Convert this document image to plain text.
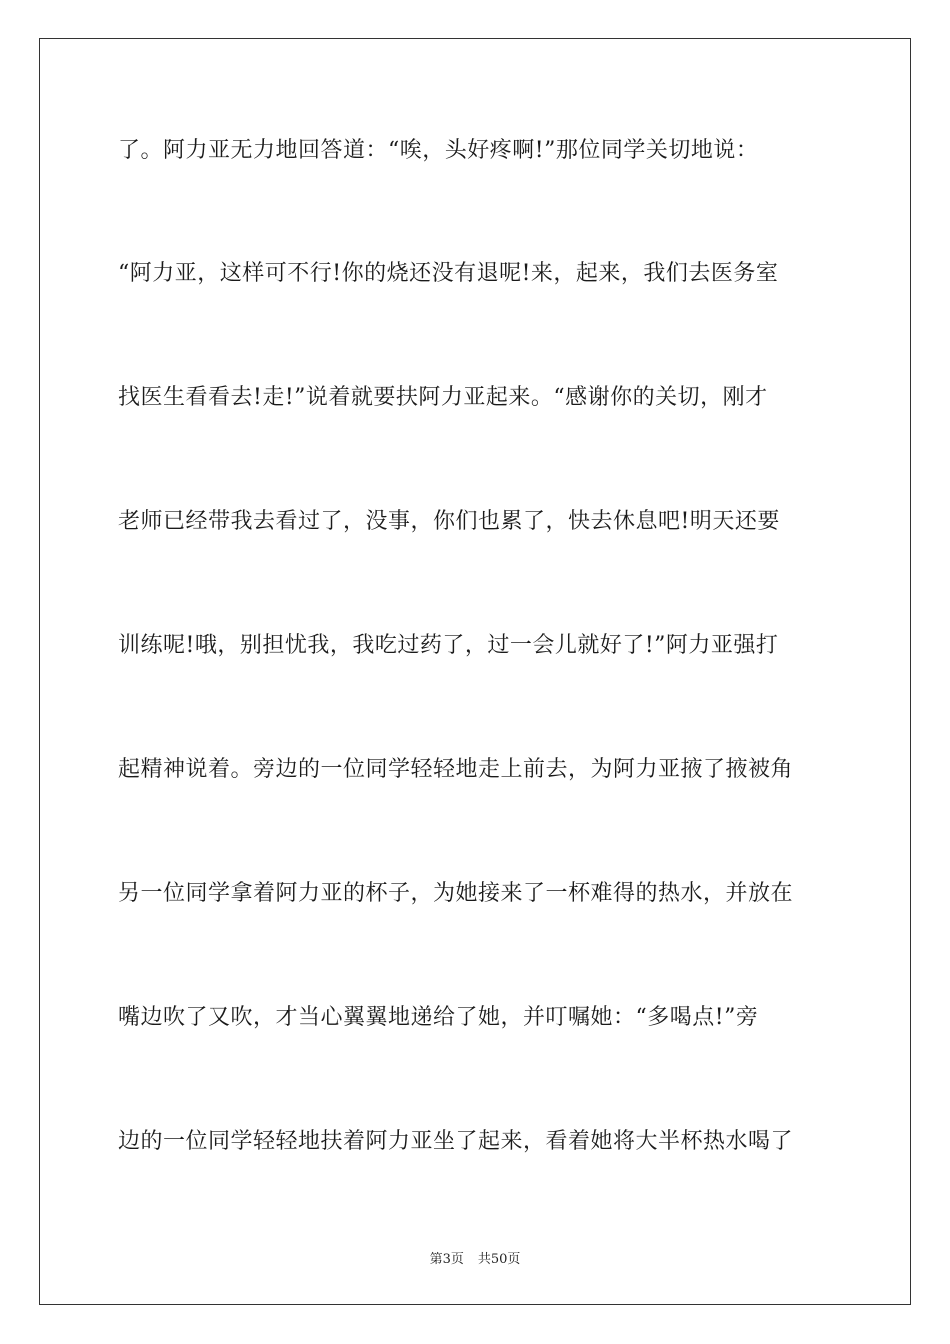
了。阿力亚无力地回答道：“唉，头好疼啊!”那位同学关切地说：

“阿力亚，这样可不行!你的烧还没有退呢!来，起来，我们去医务室

找医生看看去!走!”说着就要扶阿力亚起来。“感谢你的关切，刚才

老师已经带我去看过了，没事，你们也累了，快去休息吧!明天还要

训练呢!哦，别担忧我，我吃过药了，过一会儿就好了!”阿力亚强打

起精神说着。旁边的一位同学轻轻地走上前去，为阿力亚掖了掖被角

另一位同学拿着阿力亚的杯子，为她接来了一杯难得的热水，并放在

嘴边吹了又吹，才当心翼翼地递给了她，并叮嘱她：“多喝点!”旁

边的一位同学轻轻地扶着阿力亚坐了起来，看着她将大半杯热水喝了

第3页 共50页
